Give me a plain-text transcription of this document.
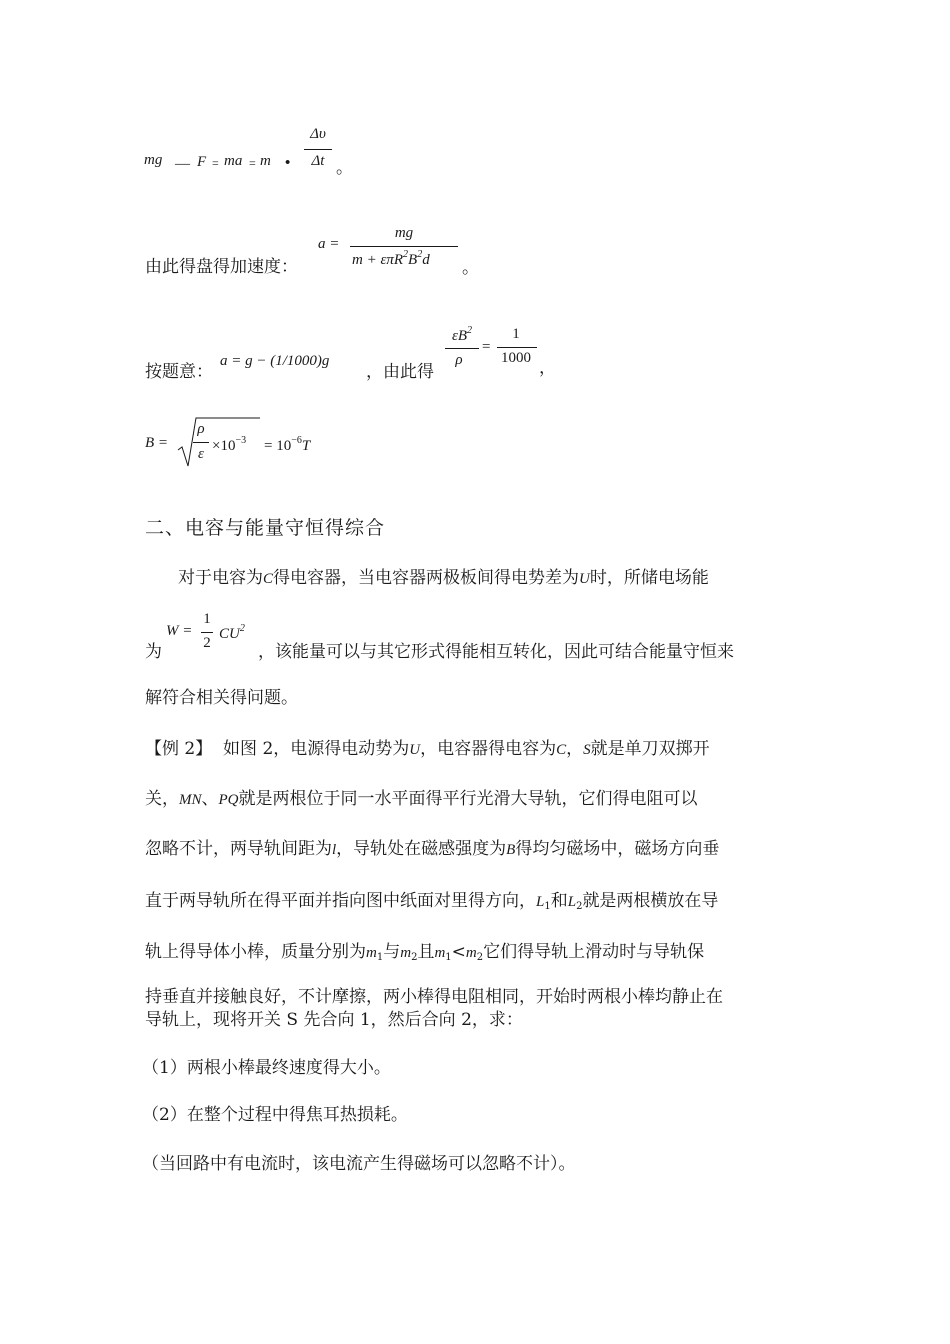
mg — F = ma = m •
Δυ
Δt 。
由此得盘得加速度：
a =
mg
$m + \varepsilon\pi R^2B^2d$ 。
按题意：
a = g − (1/1000)g
，由此得
$\varepsilon B^2$
ρ
=
1
1000 ，
B =
ρ
$\varepsilon \times 10^{-3} = 10^{-6}T$
二、电容与能量守恒得综合
对于电容为C得电容器，当电容器两极板间得电势差为U时，所储电场能
为
W =
1
2
$CU^2$
，该能量可以与其它形式得能相互转化，因此可结合能量守恒来
解符合相关得问题。
【例 2】 如图 2，电源得电动势为U，电容器得电容为C，S就是单刀双掷开
关，MN、PQ就是两根位于同一水平面得平行光滑大导轨，它们得电阻可以
忽略不计，两导轨间距为l，导轨处在磁感强度为B得均匀磁场中，磁场方向垂
直于两导轨所在得平面并指向图中纸面对里得方向，$L_1$和$L_2$就是两根横放在导
轨上得导体小棒，质量分别为$m_1$与$m_2$且$m_1<m_2$它们得导轨上滑动时与导轨保
持垂直并接触良好，不计摩擦，两小棒得电阻相同，开始时两根小棒均静止在
导轨上，现将开关 S 先合向 1，然后合向 2，求：
（1）两根小棒最终速度得大小。
（2）在整个过程中得焦耳热损耗。
（当回路中有电流时，该电流产生得磁场可以忽略不计）。
